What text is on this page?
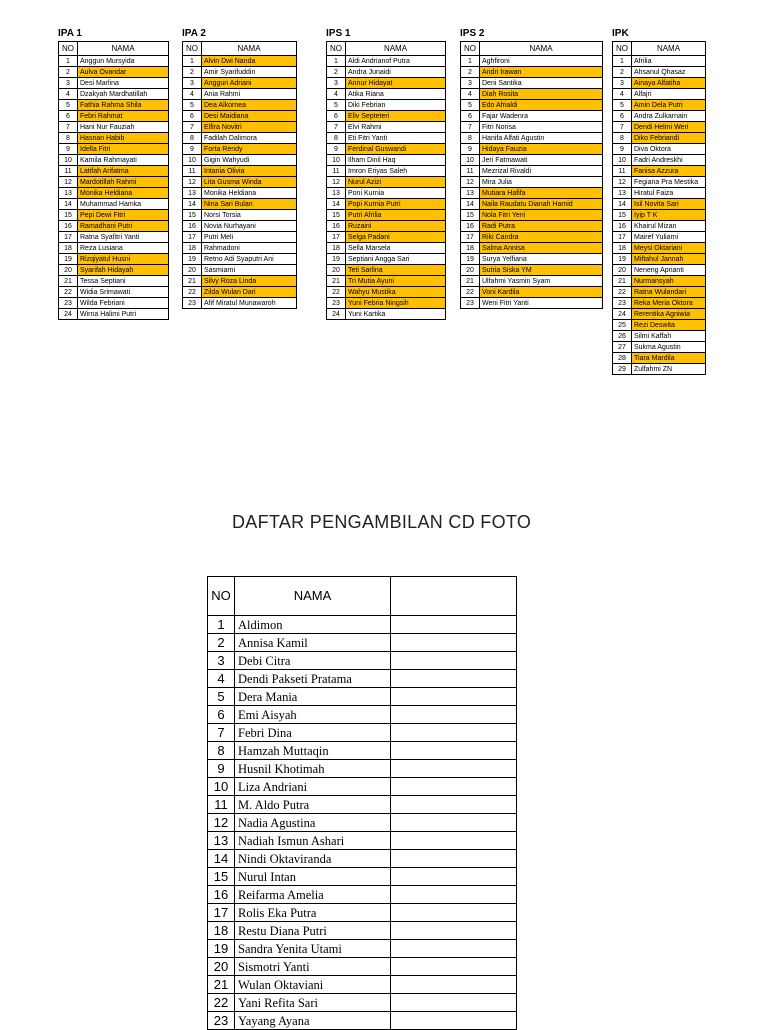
IPA 1
NO	NAMA
1	Anggun Mursyida
2	Aulva Ovandar
3	Desi Marlina
4	Dzakyah Mardhatillah
5	Fathia Rahma Shila
6	Febri Rahmat
7	Hani Nur Fauziah
8	Hasnan Habib
9	Idella Fitri
10	Kamila Rahmayati
11	Latifah Arifatma
12	Mardotillah Rahmi
13	Monika Heldiana
14	Muhammad Hamka
15	Pepi Dewi Fitri
16	Ramadhani Putri
17	Ratna Syafitri Yanti
18	Reza Lusiana
19	Rizqiyatul Husni
20	Syarifah Hidayah
21	Tessa Septiani
22	Widia Srimawati
23	Wilda Febriani
24	Wirna Halimi Putri
IPA 2
NO	NAMA
1	Alvin Dwi Nanda
2	Amir Syarifuddin
3	Anggun Adriani
4	Ania Rahmi
5	Dea Alkornea
6	Desi Maidiana
7	Elfira Novitri
8	Fadilah Dalimora
9	Forta Rendy
10	Gigin Wahyudi
11	Intania Olivia
12	Lita Gusma Winda
13	Monika Heldiana
14	Nina Sari Bulan
15	Norsi Torsia
16	Novia Nurhayani
17	Putri Meli
18	Rahmadoni
19	Retno Adi Syaputri Ani
20	Sasmiarni
21	Silvy Roza Linda
22	Zilda Wulan Dari
23	Afif Miratul Munawaroh
IPS 1
NO	NAMA
1	Aldi Andrianof Putra
2	Andra Junaidi
3	Annur Hidayat
4	Atika Riana
5	Diki Febrian
6	Eliv Septeteri
7	Elvi Rahmi
8	Eti Fitri Yanti
9	Ferdinal Guswandi
10	Ilham Dinil Haq
11	Imron Eriyas Saleh
12	Nurul Azizi
13	Poni Kurnia
14	Popi Kurnia Putri
15	Putri Afrilia
16	Ruzaini
17	Selga Padani
18	Sella Marsela
19	Septiani Angga Sari
20	Teti Sarlina
21	Tri Mutia Ayuni
22	Wahyu Mustika
23	Yuni Febria Ningsih
24	Yuni Kartika
IPS 2
NO	NAMA
1	Aghfironi
2	Andri Irawan
3	Deni Santika
4	Diah Rosita
5	Edo Afrialdi
6	Fajar Wadenra
7	Fitri Norisa
8	Hanifa Alfati Agustin
9	Hidaya Fauzia
10	Jeri Fatmawati
11	Mezrizal Rivaldi
12	Mira Julia
13	Mutiara Hafifa
14	Naila Raudatu Dianah Hamid
15	Nola Fitri Yeni
16	Radi Putra
17	Riki Candra
18	Salma Annisa
19	Surya Yelfiana
20	Sutria Siska YM
21	Ulfahmi Yasmin Syam
22	Voni Kardila
23	Weni Fitri Yanti
IPK
NO	NAMA
1	Afrilia
2	Ahsanul Qhasaz
3	Ainaya Alfatiha
4	Alfajri
5	Amin Dela Putri
6	Andra Zulkarnain
7	Dendi Helmi Weri
8	Diko Febriandi
9	Diva Oktora
10	Fadri Andreskhi
11	Fanisa Azzura
12	Fegiana Pra Mestika
13	Hiratul Faiza
14	Isil Novita Sari
15	Iyip T K
16	Khairul Mizan
17	Mairef Yuliarni
18	Meysi Oktariani
19	Miftahul Jannah
20	Neneng Aprianti
21	Nurmansyah
22	Ratna Wulandari
23	Reka Meria Oktora
24	Rerentika Agniwia
25	Rezi Deswita
26	Silmi Kaffah
27	Sukma Agustin
28	Tiara Mardila
29	Zulfahmi ZN
DAFTAR PENGAMBILAN CD FOTO
NO	NAMA	
1	Aldimon	
2	Annisa Kamil	
3	Debi Citra	
4	Dendi Pakseti Pratama	
5	Dera Mania	
6	Emi Aisyah	
7	Febri Dina	
8	Hamzah Muttaqin	
9	Husnil Khotimah	
10	Liza Andriani	
11	M. Aldo Putra	
12	Nadia Agustina	
13	Nadiah Ismun Ashari	
14	Nindi Oktaviranda	
15	Nurul Intan	
16	Reifarma Amelia	
17	Rolis Eka Putra	
18	Restu Diana Putri	
19	Sandra Yenita Utami	
20	Sismotri Yanti	
21	Wulan Oktaviani	
22	Yani Refita Sari	
23	Yayang Ayana	
